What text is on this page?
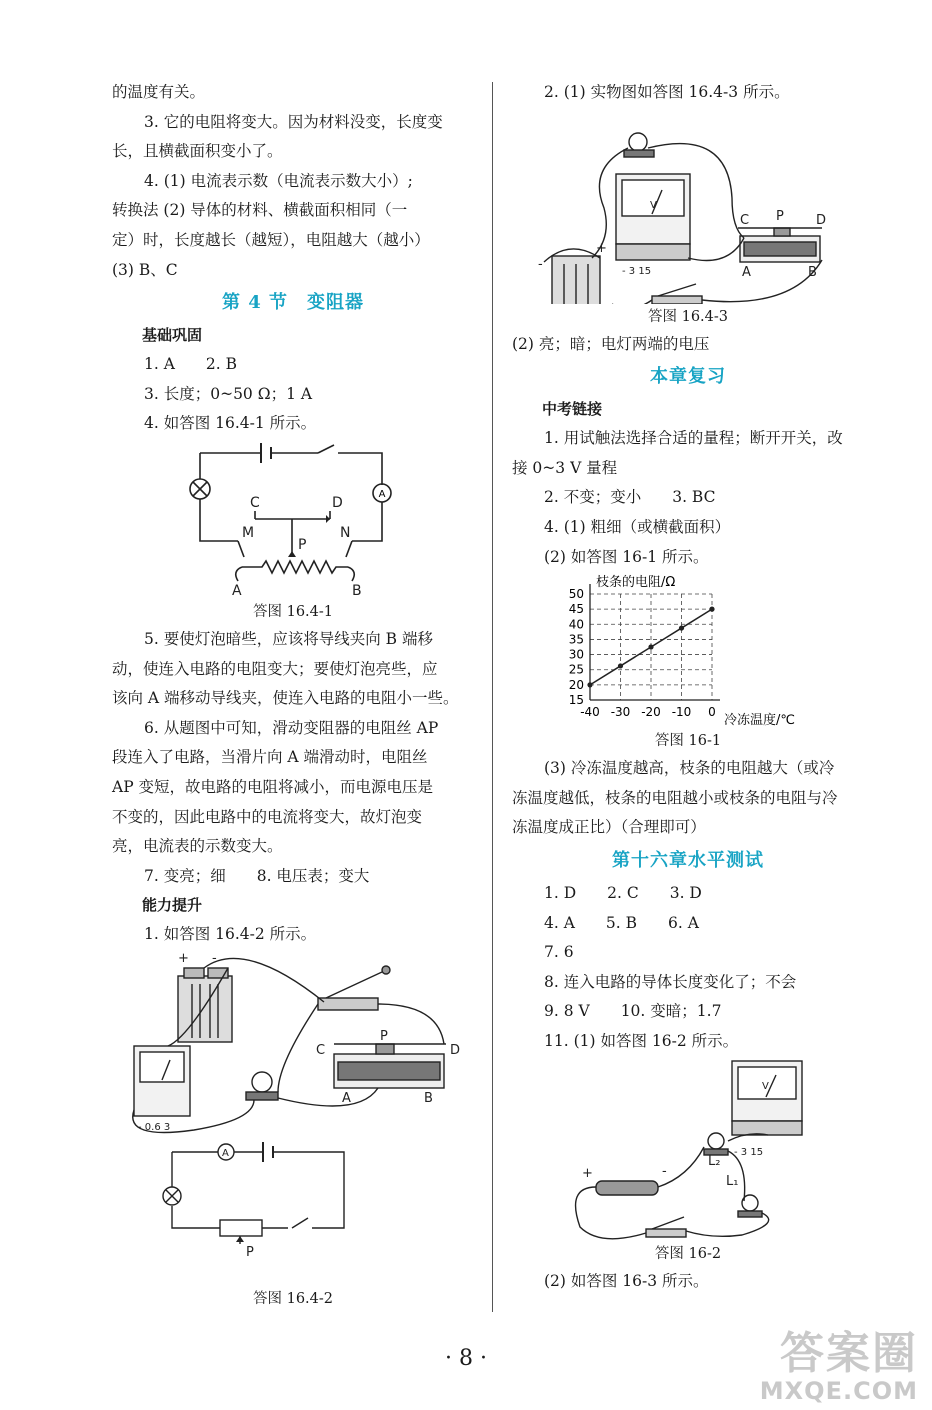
的温度有关。

3. 它的电阻将变大。因为材料没变，长度变

长，且横截面积变小了。

4. (1) 电流表示数（电流表示数大小）;

转换法 (2) 导体的材料、横截面积相同（一

定）时，长度越长（越短），电阻越大（越小）

(3) B、C

第 4 节　变阻器

基础巩固

1. A　　2. B

3. 长度；0~50 Ω；1 A

4. 如答图 16.4-1 所示。

A
C	D
M	N
P
A	B

答图 16.4-1

5. 要使灯泡暗些，应该将导线夹向 B 端移

动，使连入电路的电阻变大；要使灯泡亮些，应

该向 A 端移动导线夹，使连入电路的电阻小一些。

6. 从题图中可知，滑动变阻器的电阻丝 AP

段连入了电路，当滑片向 A 端滑动时，电阻丝

AP 变短，故电路的电阻将减小，而电源电压是

不变的，因此电路中的电流将变大，故灯泡变

亮，电流表的示数变大。

7. 变亮；细　　8. 电压表；变大

能力提升

1. 如答图 16.4-2 所示。

+ -
C
P
D
A	B
- 0.6 3
A
P

答图 16.4-2

2. (1) 实物图如答图 16.4-3 所示。

C P D
A	B
+
-	- 3 15
V

答图 16.4-3

(2) 亮；暗；电灯两端的电压

本章复习

中考链接

1. 用试触法选择合适的量程；断开开关，改

接 0~3 V 量程

2. 不变；变小　　3. BC

4. (1) 粗细（或横截面积）

(2) 如答图 16-1 所示。

15
20
25
30
35
40
45
50
-40 -30 -20 -10 0
枝条的电阻/Ω
冷冻温度/℃

答图 16-1

(3) 冷冻温度越高，枝条的电阻越大（或冷

冻温度越低，枝条的电阻越小或枝条的电阻与冷

冻温度成正比）（合理即可）

第十六章水平测试

1. D　　2. C　　3. D

4. A　　5. B　　6. A

7. 6

8. 连入电路的导体长度变化了；不会

9. 8 V　　10. 变暗；1.7

11. (1) 如答图 16-2 所示。

L₂
L₁
+	-
- 3 15
V

答图 16-2

(2) 如答图 16-3 所示。

· 8 ·	答案圈
MXQE.COM
